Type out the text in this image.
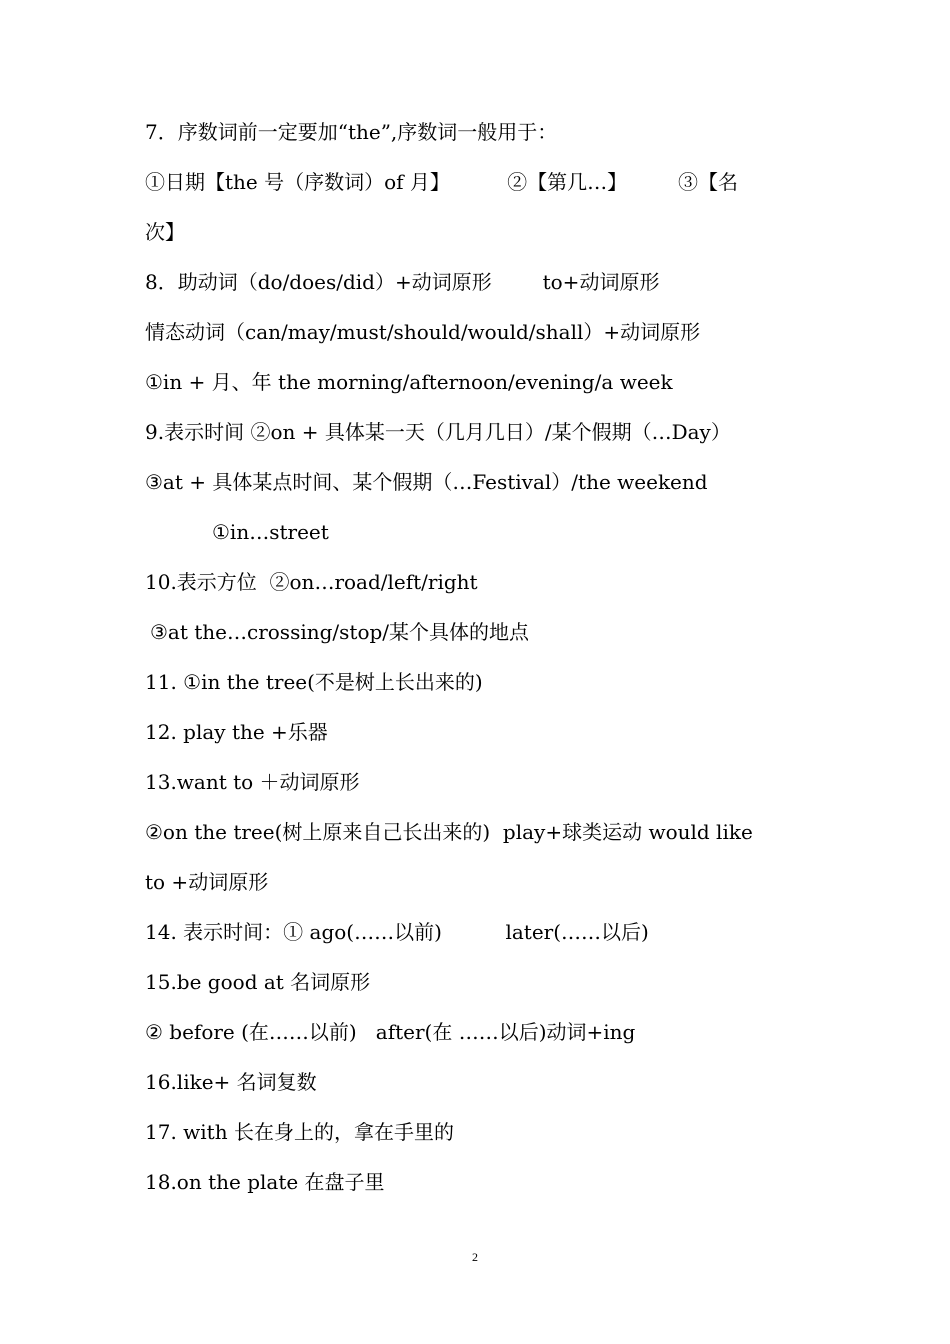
7．序数词前一定要加“the”,序数词一般用于：
①日期【the 号（序数词）of 月】         ②【第几…】        ③【名
次】
8．助动词（do/does/did）+动词原形        to+动词原形
情态动词（can/may/must/should/would/shall）+动词原形
①in + 月、年 the morning/afternoon/evening/a week
9.表示时间 ②on + 具体某一天（几月几日）/某个假期（…Day）
③at + 具体某点时间、某个假期（…Festival）/the weekend
①in…street
10.表示方位  ②on…road/left/right
③at the…crossing/stop/某个具体的地点
11. ①in the tree(不是树上长出来的)
12. play the +乐器
13.want to ＋动词原形
②on the tree(树上原来自己长出来的)  play+球类运动 would like
to +动词原形
14. 表示时间：① ago(……以前)          later(……以后)
15.be good at 名词原形
② before (在……以前)   after(在 ……以后)动词+ing
16.like+ 名词复数
17. with 长在身上的，拿在手里的
18.on the plate 在盘子里
2
